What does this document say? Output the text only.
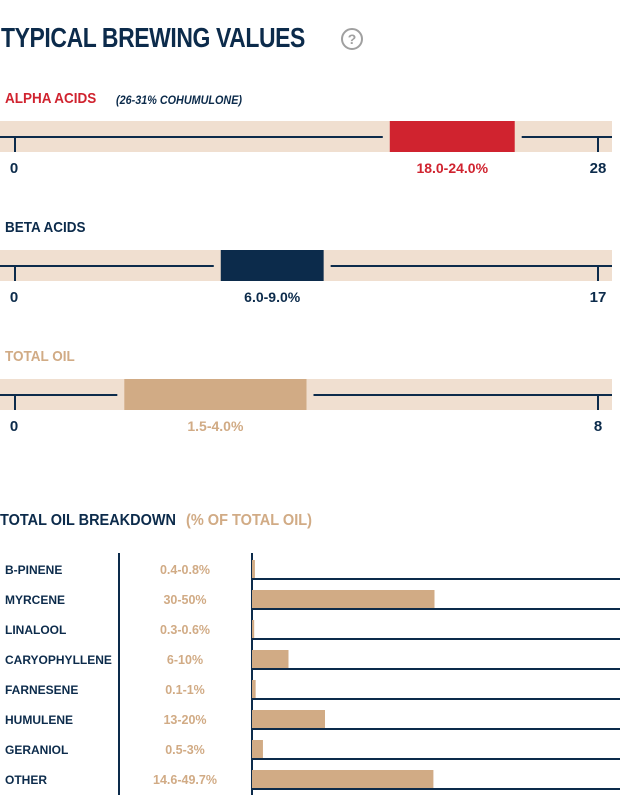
TYPICAL BREWING VALUES	?
ALPHA ACIDS (26-31% COHUMULONE)
0	28
18.0-24.0%
BETA ACIDS
0	17
6.0-9.0%
TOTAL OIL
0	8
1.5-4.0%
TOTAL OIL BREAKDOWN (% OF TOTAL OIL)
B-PINENE	0.4-0.8%
MYRCENE	30-50%
LINALOOL	0.3-0.6%
CARYOPHYLLENE	6-10%
FARNESENE	0.1-1%
HUMULENE	13-20%
GERANIOL	0.5-3%
OTHER	14.6-49.7%
